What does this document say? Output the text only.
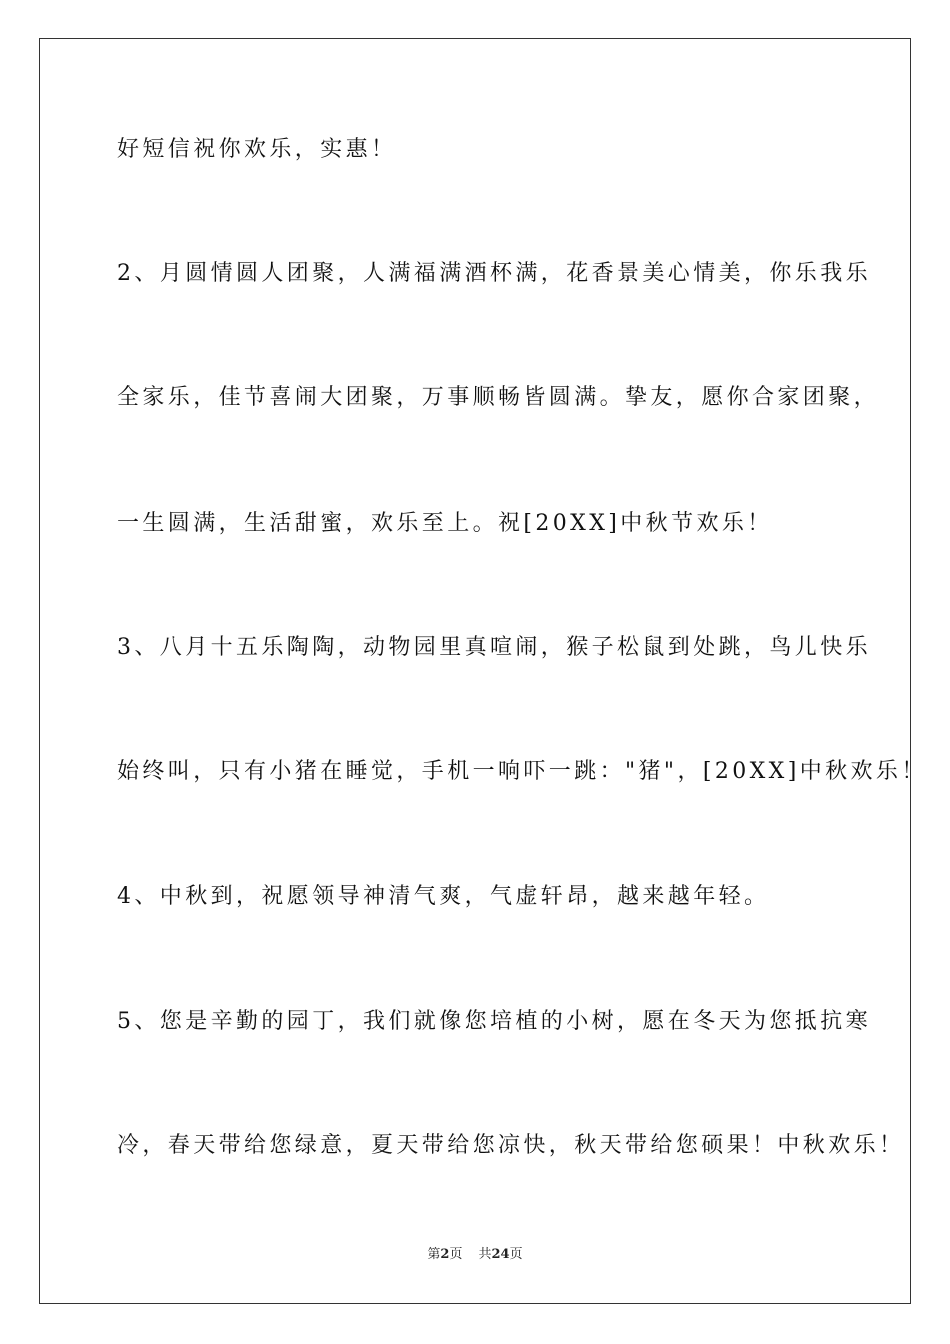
好短信祝你欢乐，实惠！
2、月圆情圆人团聚，人满福满酒杯满，花香景美心情美，你乐我乐
全家乐，佳节喜闹大团聚，万事顺畅皆圆满。挚友，愿你合家团聚，
一生圆满，生活甜蜜，欢乐至上。祝[20XX]中秋节欢乐！
3、八月十五乐陶陶，动物园里真喧闹，猴子松鼠到处跳，鸟儿快乐
始终叫，只有小猪在睡觉，手机一响吓一跳："猪"，[20XX]中秋欢乐！
4、中秋到，祝愿领导神清气爽，气虚轩昂，越来越年轻。
5、您是辛勤的园丁，我们就像您培植的小树，愿在冬天为您抵抗寒
冷，春天带给您绿意，夏天带给您凉快，秋天带给您硕果！中秋欢乐！
第2页 共24页
